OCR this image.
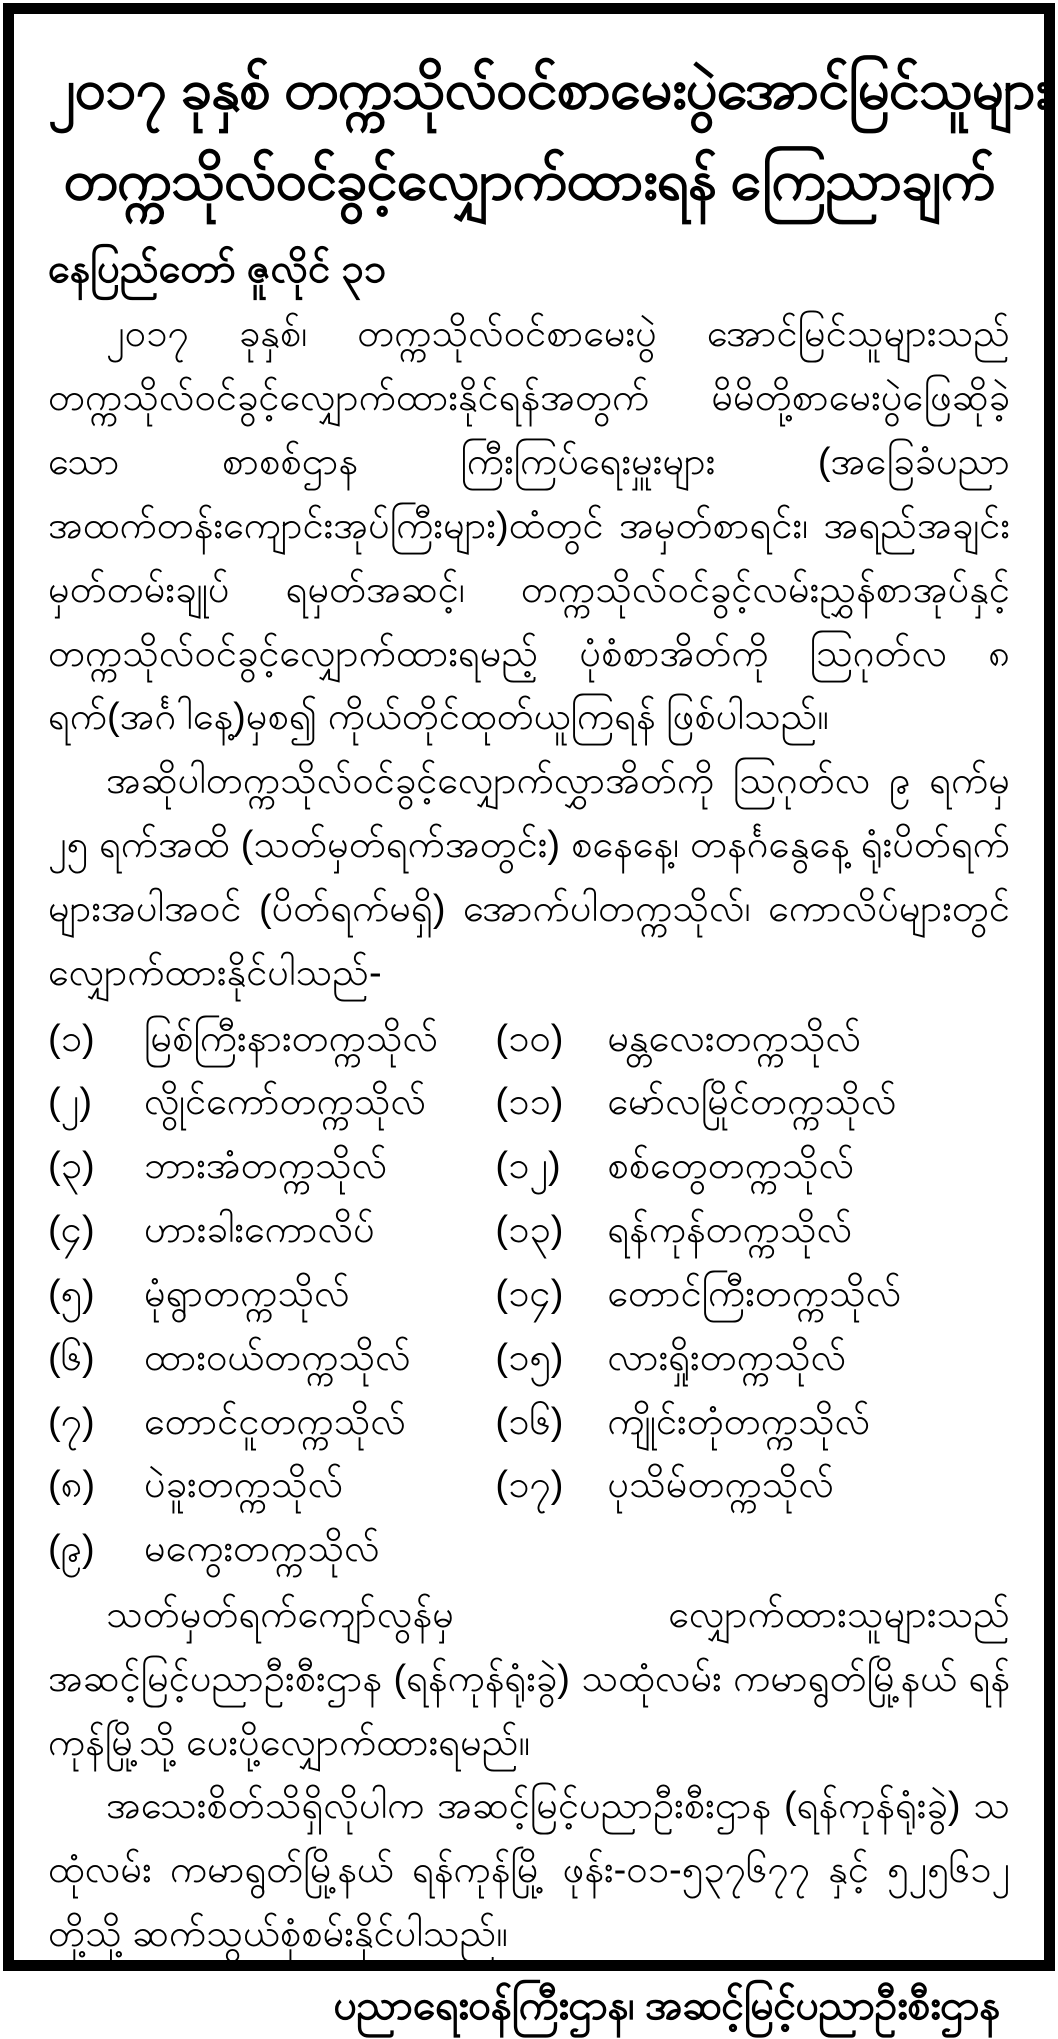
၂၀၁၇ ခုနှစ် တက္ကသိုလ်ဝင်စာမေးပွဲအောင်မြင်သူများ
တက္ကသိုလ်ဝင်ခွင့်လျှောက်ထားရန် ကြေညာချက်
နေပြည်တော် ဇူလိုင် ၃၁

၂၀၁၇ ခုနှစ်၊ တက္ကသိုလ်ဝင်စာမေးပွဲ အောင်မြင်သူများသည် တက္ကသိုလ်ဝင်ခွင့်လျှောက်ထားနိုင်ရန်အတွက် မိမိတို့စာမေးပွဲဖြေဆိုခဲ့သော စာစစ်ဌာန ကြီးကြပ်ရေးမှူးများ (အခြေခံပညာအထက်တန်းကျောင်းအုပ်ကြီးများ)ထံတွင် အမှတ်စာရင်း၊ အရည်အချင်းမှတ်တမ်းချုပ် ရမှတ်အဆင့်၊ တက္ကသိုလ်ဝင်ခွင့်လမ်းညွှန်စာအုပ်နှင့် တက္ကသိုလ်ဝင်ခွင့်လျှောက်ထားရမည့် ပုံစံစာအိတ်ကို သြဂုတ်လ ၈ ရက်(အင်္ဂါနေ့)မှစ၍ ကိုယ်တိုင်ထုတ်ယူကြရန် ဖြစ်ပါသည်။

အဆိုပါတက္ကသိုလ်ဝင်ခွင့်လျှောက်လွှာအိတ်ကို သြဂုတ်လ ၉ ရက်မှ ၂၅ ရက်အထိ (သတ်မှတ်ရက်အတွင်း) စနေနေ့၊ တနင်္ဂနွေနေ့ ရုံးပိတ်ရက်များအပါအဝင် (ပိတ်ရက်မရှိ) အောက်ပါတက္ကသိုလ်၊ ကောလိပ်များတွင် လျှောက်ထားနိုင်ပါသည်-

(၁)	မြစ်ကြီးနားတက္ကသိုလ်
(၂)	လွိုင်ကော်တက္ကသိုလ်
(၃)	ဘားအံတက္ကသိုလ်
(၄)	ဟားခါးကောလိပ်
(၅)	မုံရွာတက္ကသိုလ်
(၆)	ထားဝယ်တက္ကသိုလ်
(၇)	တောင်ငူတက္ကသိုလ်
(၈)	ပဲခူးတက္ကသိုလ်
(၉)	မကွေးတက္ကသိုလ်
(၁၀)	မန္တလေးတက္ကသိုလ်
(၁၁)	မော်လမြိုင်တက္ကသိုလ်
(၁၂)	စစ်တွေတက္ကသိုလ်
(၁၃)	ရန်ကုန်တက္ကသိုလ်
(၁၄)	တောင်ကြီးတက္ကသိုလ်
(၁၅)	လားရှိုးတက္ကသိုလ်
(၁၆)	ကျိုင်းတုံတက္ကသိုလ်
(၁၇)	ပုသိမ်တက္ကသိုလ်

သတ်မှတ်ရက်ကျော်လွန်မှ လျှောက်ထားသူများသည် အဆင့်မြင့်ပညာဦးစီးဌာန (ရန်ကုန်ရုံးခွဲ) သထုံလမ်း ကမာရွတ်မြို့နယ် ရန်ကုန်မြို့သို့ ပေးပို့လျှောက်ထားရမည်။

အသေးစိတ်သိရှိလိုပါက အဆင့်မြင့်ပညာဦးစီးဌာန (ရန်ကုန်ရုံးခွဲ) သထုံလမ်း ကမာရွတ်မြို့နယ် ရန်ကုန်မြို့ ဖုန်း-၀၁-၅၃၇၆၇၇ နှင့် ၅၂၅၆၁၂ တို့သို့ ဆက်သွယ်စုံစမ်းနိုင်ပါသည်။

ပညာရေးဝန်ကြီးဌာန၊ အဆင့်မြင့်ပညာဦးစီးဌာန
